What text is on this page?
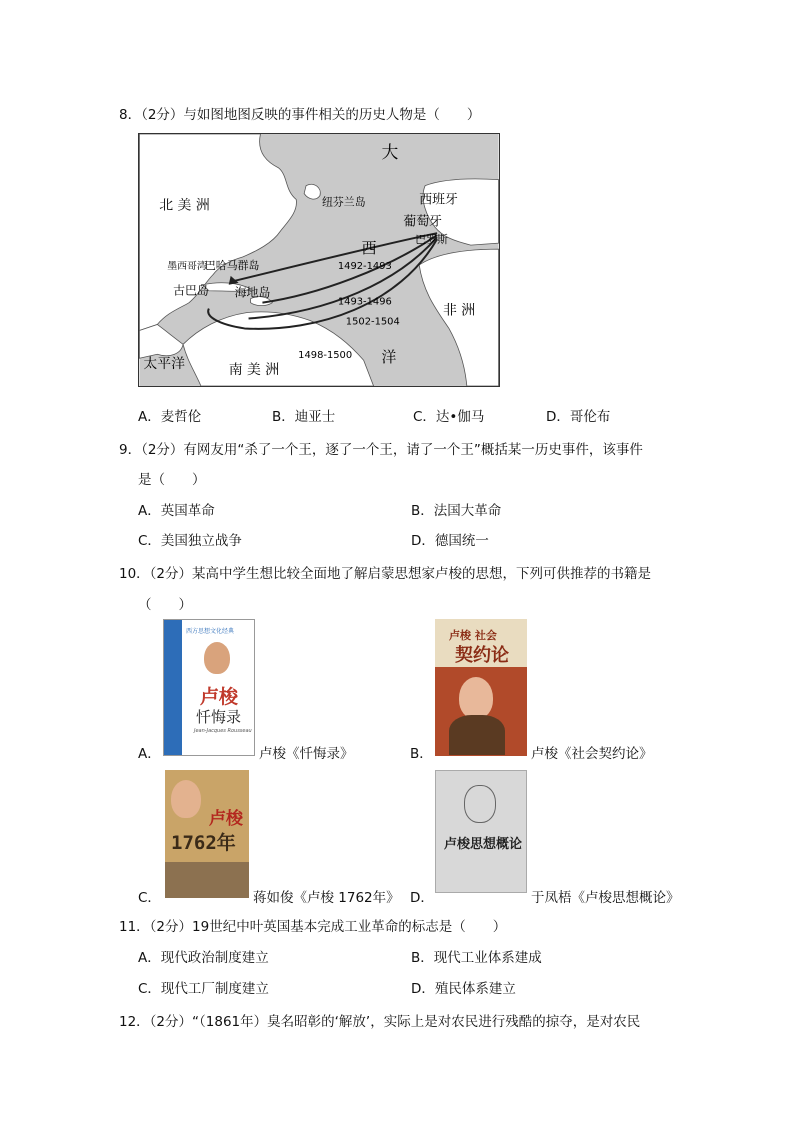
8．（2分）与如图地图反映的事件相关的历史人物是（　　）
大
北 美 洲	纽芬兰岛	西班牙
葡萄牙
巴罗斯
西
墨西哥湾
巴哈马群岛	1492-1493
古巴岛 海地岛
1493-1496
非 洲
1502-1504
1498-1500 洋
太平洋	南 美 洲
A．麦哲伦	B．迪亚士	C．达•伽马	D．哥伦布
9．（2分）有网友用“杀了一个王，逐了一个王，请了一个王”概括某一历史事件，该事件
是（　　）
A．英国革命	B．法国大革命
C．美国独立战争	D．德国统一
10．（2分）某高中学生想比较全面地了解启蒙思想家卢梭的思想，下列可供推荐的书籍是
（　　）
西方思想文化经典
卢梭
忏悔录
Jean-Jacques Rousseau
A．	卢梭《忏悔录》
卢梭 社会
契约论
B．	卢梭《社会契约论》
卢梭
1762年
C．	蒋如俊《卢梭 1762年》
卢梭思想概论
D．	于凤梧《卢梭思想概论》
11．（2分）19世纪中叶英国基本完成工业革命的标志是（　　）
A．现代政治制度建立	B．现代工业体系建成
C．现代工厂制度建立	D．殖民体系建立
12．（2分）“（1861年）臭名昭彰的‘解放’，实际上是对农民进行残酷的掠夺，是对农民
